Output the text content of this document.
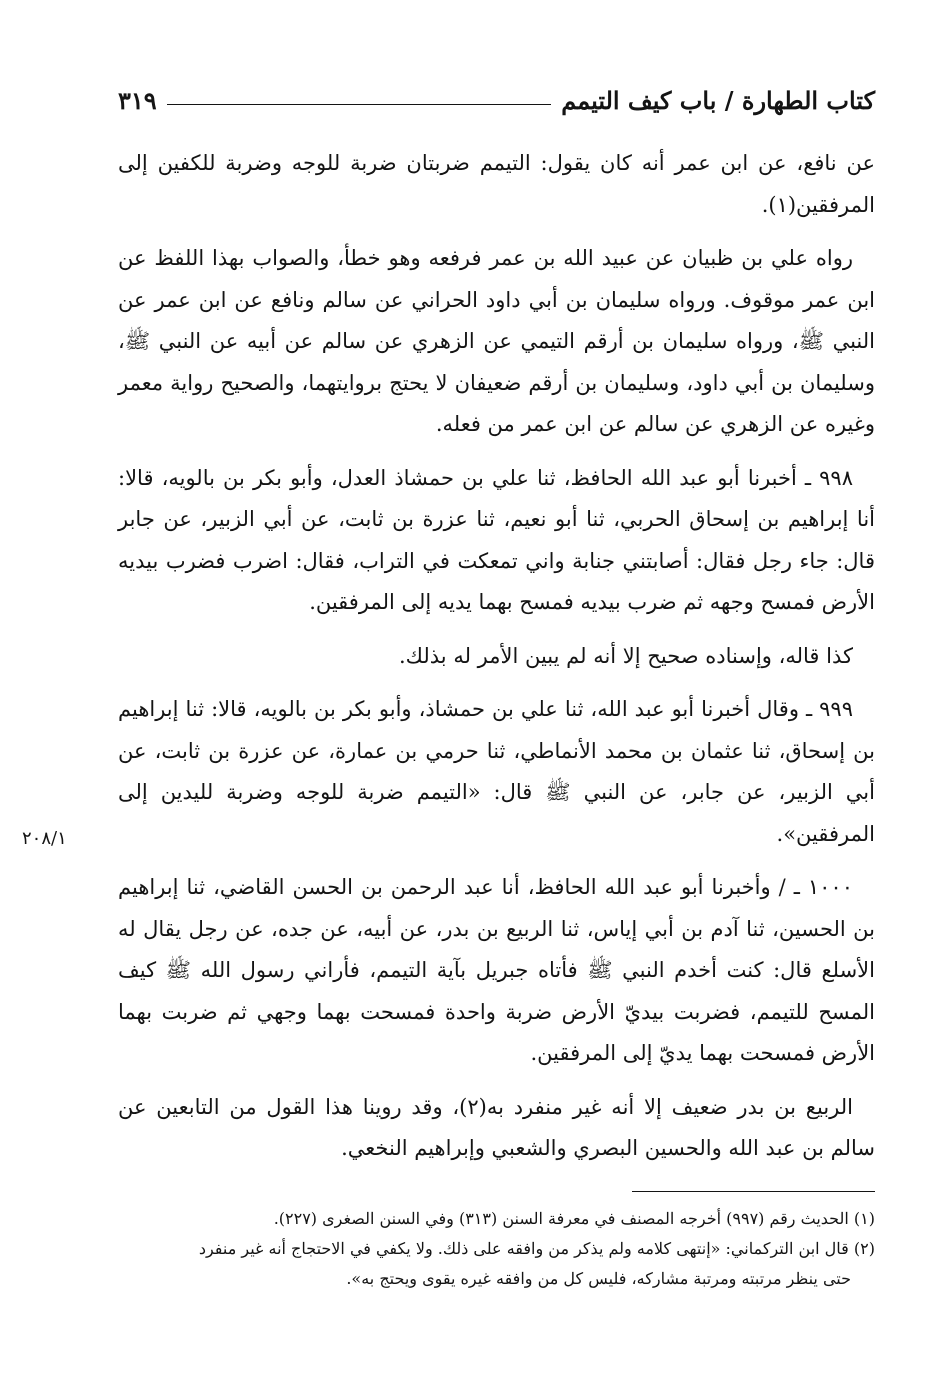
كتاب الطهارة / باب كيف التيمم
٣١٩

عن نافع، عن ابن عمر أنه كان يقول: التيمم ضربتان ضربة للوجه وضربة للكفين إلى المرفقين(١).

رواه علي بن ظبيان عن عبيد الله بن عمر فرفعه وهو خطأ، والصواب بهذا اللفظ عن ابن عمر موقوف. ورواه سليمان بن أبي داود الحراني عن سالم ونافع عن ابن عمر عن النبي ﷺ، ورواه سليمان بن أرقم التيمي عن الزهري عن سالم عن أبيه عن النبي ﷺ، وسليمان بن أبي داود، وسليمان بن أرقم ضعيفان لا يحتج بروايتهما، والصحيح رواية معمر وغيره عن الزهري عن سالم عن ابن عمر من فعله.

٩٩٨ ـ أخبرنا أبو عبد الله الحافظ، ثنا علي بن حمشاذ العدل، وأبو بكر بن بالويه، قالا: أنا إبراهيم بن إسحاق الحربي، ثنا أبو نعيم، ثنا عزرة بن ثابت، عن أبي الزبير، عن جابر قال: جاء رجل فقال: أصابتني جنابة واني تمعكت في التراب، فقال: اضرب فضرب بيديه الأرض فمسح وجهه ثم ضرب بيديه فمسح بهما يديه إلى المرفقين.

كذا قاله، وإسناده صحيح إلا أنه لم يبين الأمر له بذلك.

٩٩٩ ـ وقال أخبرنا أبو عبد الله، ثنا علي بن حمشاذ، وأبو بكر بن بالويه، قالا: ثنا إبراهيم بن إسحاق، ثنا عثمان بن محمد الأنماطي، ثنا حرمي بن عمارة، عن عزرة بن ثابت، عن أبي الزبير، عن جابر، عن النبي ﷺ قال: «التيمم ضربة للوجه وضربة لليدين إلى المرفقين».

١٠٠٠ ـ / وأخبرنا أبو عبد الله الحافظ، أنا عبد الرحمن بن الحسن القاضي، ثنا إبراهيم بن الحسين، ثنا آدم بن أبي إياس، ثنا الربيع بن بدر، عن أبيه، عن جده، عن رجل يقال له الأسلع قال: كنت أخدم النبي ﷺ فأتاه جبريل بآية التيمم، فأراني رسول الله ﷺ كيف المسح للتيمم، فضربت بيديّ الأرض ضربة واحدة فمسحت بهما وجهي ثم ضربت بهما الأرض فمسحت بهما يديّ إلى المرفقين.

الربيع بن بدر ضعيف إلا أنه غير منفرد به(٢)، وقد روينا هذا القول من التابعين عن سالم بن عبد الله والحسين البصري والشعبي وإبراهيم النخعي.

٢٠٨/١

(١) الحديث رقم (٩٩٧) أخرجه المصنف في معرفة السنن (٣١٣) وفي السنن الصغرى (٢٢٧).

(٢) قال ابن التركماني: «إنتهى كلامه ولم يذكر من وافقه على ذلك. ولا يكفي في الاحتجاج أنه غير منفرد

حتى ينظر مرتبته ومرتبة مشاركه، فليس كل من وافقه غيره يقوى ويحتج به».
